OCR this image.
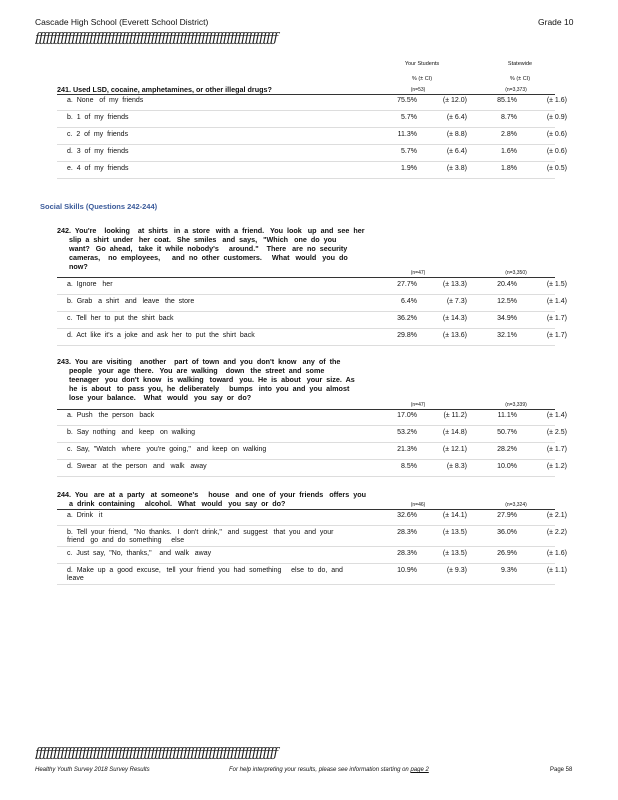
Cascade High School (Everett School District)	Grade 10
ƒƒƒƒƒƒƒƒƒƒƒƒƒƒƒƒƒƒƒƒƒƒƒƒƒƒƒƒƒƒƒƒƒƒƒƒƒƒƒƒƒƒƒƒƒƒƒƒƒƒƒƒƒƒƒƒƒƒƒƒƒƒƒƒƒƒƒ
Your Students	Statewide
% (± CI)	% (± CI)
241. Used LSD, cocaine, amphetamines, or other illegal drugs?	(n=53)	(n=3,373)
a.  None   of  my  friends	75.5%	(± 12.0)	85.1%	(± 1.6)
b.  1  of  my  friends	5.7%	(± 6.4)	8.7%	(± 0.9)
c.  2  of  my  friends	11.3%	(± 8.8)	2.8%	(± 0.6)
d.  3  of  my  friends	5.7%	(± 6.4)	1.6%	(± 0.6)
e.  4  of  my  friends	1.9%	(± 3.8)	1.8%	(± 0.5)
Social Skills (Questions 242-244)
242.  You're    looking    at  shirts   in  a  store   with  a  friend.   You  look   up  and  see  her
slip  a  shirt  under   her  coat.   She  smiles   and  says,   "Which   one  do  you
want?   Go  ahead,   take  it  while  nobody's     around."    There   are  no  security
cameras,    no  employees,      and  no  other  customers.     What   would   you  do
now?
(n=47)	(n=3,350)
a.  Ignore   her	27.7%	(± 13.3)	20.4%	(± 1.5)
b.  Grab   a  shirt   and   leave   the  store	6.4%	(± 7.3)	12.5%	(± 1.4)
c.  Tell  her  to  put  the  shirt  back	36.2%	(± 14.3)	34.9%	(± 1.7)
d.  Act  like  it's  a  joke  and  ask  her  to  put  the  shirt  back	29.8%	(± 13.6)	32.1%	(± 1.7)
243.  You  are  visiting    another    part  of  town  and  you  don't  know   any  of  the
people   your  age  there.   You  are  walking    down   the  street  and  some
teenager   you  don't  know   is  walking   toward   you.  He  is  about   your  size.  As
he  is  about   to  pass  you,  he  deliberately     bumps   into  you  and  you  almost
lose  your  balance.    What   would   you  say  or  do?
(n=47)	(n=3,339)
a.  Push   the  person   back	17.0%	(± 11.2)	11.1%	(± 1.4)
b.  Say  nothing   and   keep   on  walking	53.2%	(± 14.8)	50.7%	(± 2.5)
c.  Say,  "Watch   where   you're  going,"   and  keep  on  walking	21.3%	(± 12.1)	28.2%	(± 1.7)
d.  Swear   at  the  person   and   walk   away	8.5%	(± 8.3)	10.0%	(± 1.2)
244.  You   are  at  a  party   at  someone's     house   and  one  of  your  friends   offers  you
a  drink  containing     alcohol.   What   would   you  say  or  do?	(n=46)	(n=3,324)
a.  Drink   it	32.6%	(± 14.1)	27.9%	(± 2.1)
b.  Tell  your  friend,   "No  thanks.   I  don't  drink,"   and  suggest   that  you  and  your
friend   go  and  do  something     else
28.3%	(± 13.5)	36.0%	(± 2.2)
c.  Just  say,  "No,  thanks,"    and  walk   away	28.3%	(± 13.5)	26.9%	(± 1.6)
d.  Make  up  a  good  excuse,   tell  your  friend  you  had  something     else  to  do,  and
leave
10.9%	(± 9.3)	9.3%	(± 1.1)
ƒƒƒƒƒƒƒƒƒƒƒƒƒƒƒƒƒƒƒƒƒƒƒƒƒƒƒƒƒƒƒƒƒƒƒƒƒƒƒƒƒƒƒƒƒƒƒƒƒƒƒƒƒƒƒƒƒƒƒƒƒƒƒƒƒƒƒ
Healthy Youth Survey 2018 Survey Results	For help interpreting your results, please see information starting on page 2	Page 58
